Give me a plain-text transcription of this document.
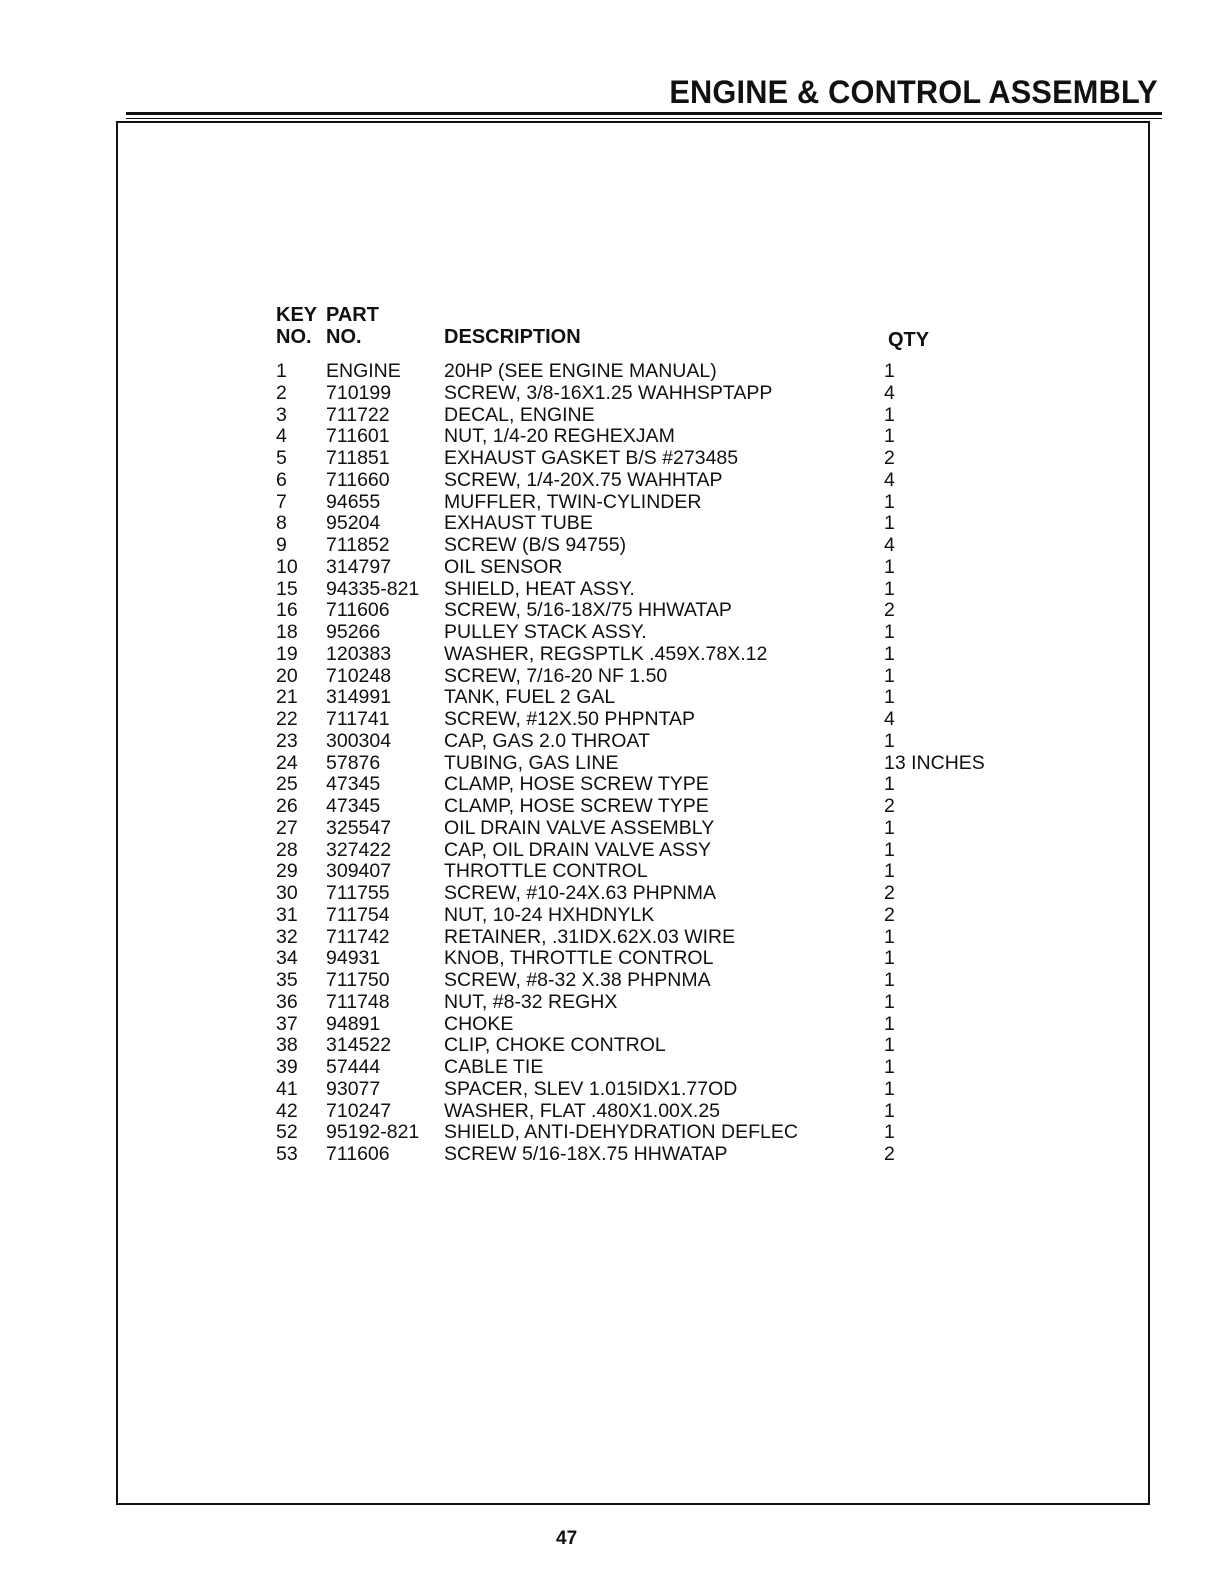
ENGINE & CONTROL ASSEMBLY
KEY PART
NO. NO.	DESCRIPTION	QTY
1 ENGINE 20HP (SEE ENGINE MANUAL)	1
2 710199	SCREW, 3/8-16X1.25 WAHHSPTAPP	4
3 711722	DECAL, ENGINE	1
4 711601	NUT, 1/4-20 REGHEXJAM	1
5 711851	EXHAUST GASKET B/S #273485	2
6 711660	SCREW, 1/4-20X.75 WAHHTAP	4
7 94655	MUFFLER, TWIN-CYLINDER	1
8 95204	EXHAUST TUBE	1
9 711852	SCREW (B/S 94755)	4
10 314797	OIL SENSOR	1
15 94335-821 SHIELD, HEAT ASSY.	1
16 711606	SCREW, 5/16-18X/75 HHWATAP	2
18 95266	PULLEY STACK ASSY.	1
19 120383	WASHER, REGSPTLK .459X.78X.12	1
20 710248	SCREW, 7/16-20 NF 1.50	1
21 314991	TANK, FUEL 2 GAL	1
22 711741	SCREW, #12X.50 PHPNTAP	4
23 300304	CAP, GAS 2.0 THROAT	1
24 57876	TUBING, GAS LINE	13 INCHES
25 47345	CLAMP, HOSE SCREW TYPE	1
26 47345	CLAMP, HOSE SCREW TYPE	2
27 325547	OIL DRAIN VALVE ASSEMBLY	1
28 327422	CAP, OIL DRAIN VALVE ASSY	1
29 309407	THROTTLE CONTROL	1
30 711755	SCREW, #10-24X.63 PHPNMA	2
31 711754	NUT, 10-24 HXHDNYLK	2
32 711742	RETAINER, .31IDX.62X.03 WIRE	1
34 94931	KNOB, THROTTLE CONTROL	1
35 711750	SCREW, #8-32 X.38 PHPNMA	1
36 711748	NUT, #8-32 REGHX	1
37 94891	CHOKE	1
38 314522	CLIP, CHOKE CONTROL	1
39 57444	CABLE TIE	1
41 93077	SPACER, SLEV 1.015IDX1.77OD	1
42 710247	WASHER, FLAT .480X1.00X.25	1
52 95192-821 SHIELD, ANTI-DEHYDRATION DEFLEC	1
53 711606	SCREW 5/16-18X.75 HHWATAP	2
47
